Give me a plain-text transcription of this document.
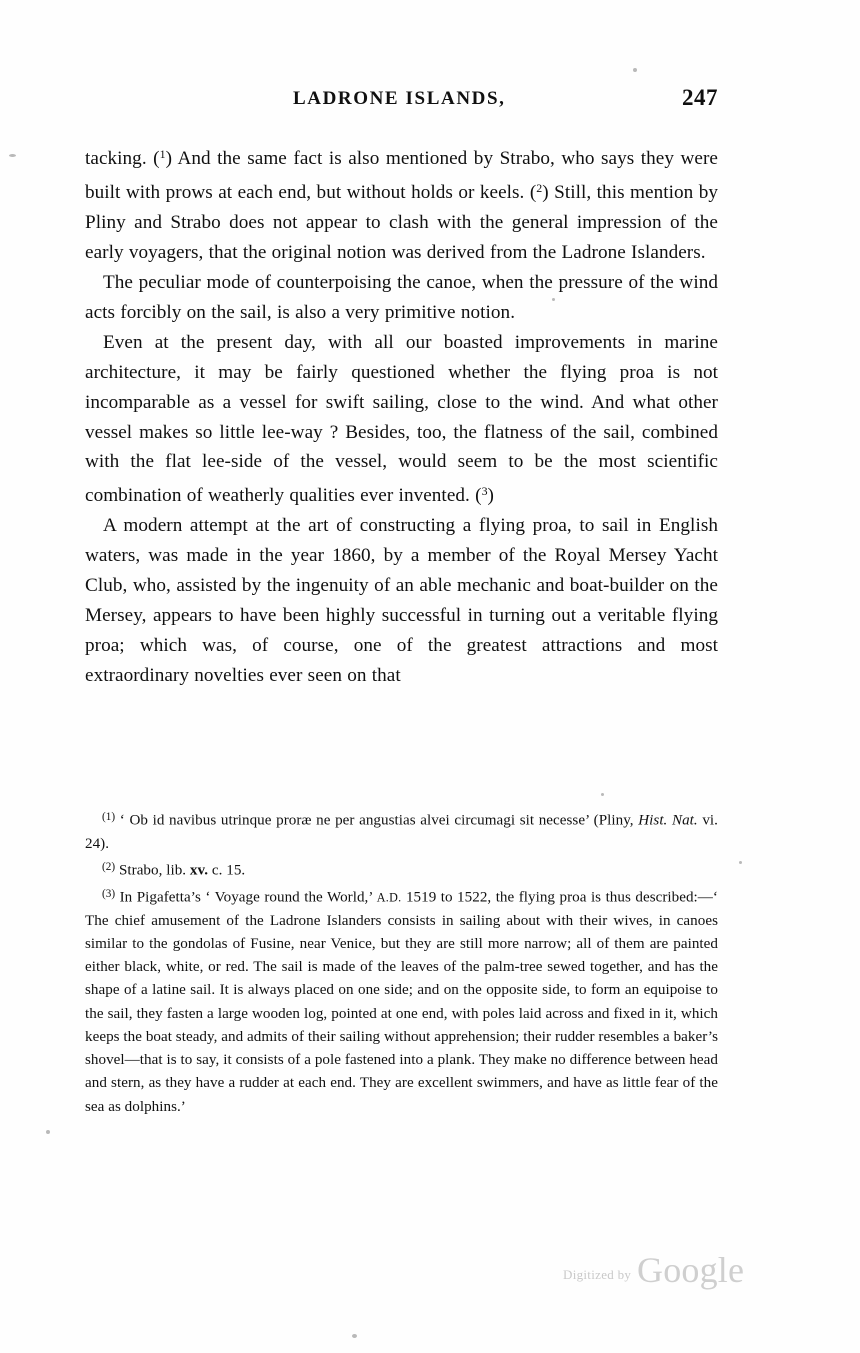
LADRONE ISLANDS,	247

tacking. ($^1$) And the same fact is also mentioned by Strabo, who says they were built with prows at each end, but without holds or keels. ($^2$) Still, this mention by Pliny and Strabo does not appear to clash with the general impression of the early voyagers, that the original notion was derived from the Ladrone Islanders.

The peculiar mode of counterpoising the canoe, when the pressure of the wind acts forcibly on the sail, is also a very primitive notion.

Even at the present day, with all our boasted improvements in marine architecture, it may be fairly questioned whether the flying proa is not incomparable as a vessel for swift sailing, close to the wind. And what other vessel makes so little lee-way ? Besides, too, the flatness of the sail, combined with the flat lee-side of the vessel, would seem to be the most scientific combination of weatherly qualities ever invented. ($^3$)

A modern attempt at the art of constructing a flying proa, to sail in English waters, was made in the year 1860, by a member of the Royal Mersey Yacht Club, who, assisted by the ingenuity of an able mechanic and boat-builder on the Mersey, appears to have been highly successful in turning out a veritable flying proa; which was, of course, one of the greatest attractions and most extraordinary novelties ever seen on that

$^{(1)}$ ‘ Ob id navibus utrinque proræ ne per angustias alvei circumagi sit necesse’ (Pliny, Hist. Nat. vi. 24).

$^{(2)}$ Strabo, lib. xv. c. 15.

$^{(3)}$ In Pigafetta’s ‘ Voyage round the World,’ A.D. 1519 to 1522, the flying proa is thus described:—‘ The chief amusement of the Ladrone Islanders consists in sailing about with their wives, in canoes similar to the gondolas of Fusine, near Venice, but they are still more narrow; all of them are painted either black, white, or red. The sail is made of the leaves of the palm-tree sewed together, and has the shape of a latine sail. It is always placed on one side; and on the opposite side, to form an equipoise to the sail, they fasten a large wooden log, pointed at one end, with poles laid across and fixed in it, which keeps the boat steady, and admits of their sailing without apprehension; their rudder resembles a baker’s shovel—that is to say, it consists of a pole fastened into a plank. They make no difference between head and stern, as they have a rudder at each end. They are excellent swimmers, and have as little fear of the sea as dolphins.’

Digitized by Google
